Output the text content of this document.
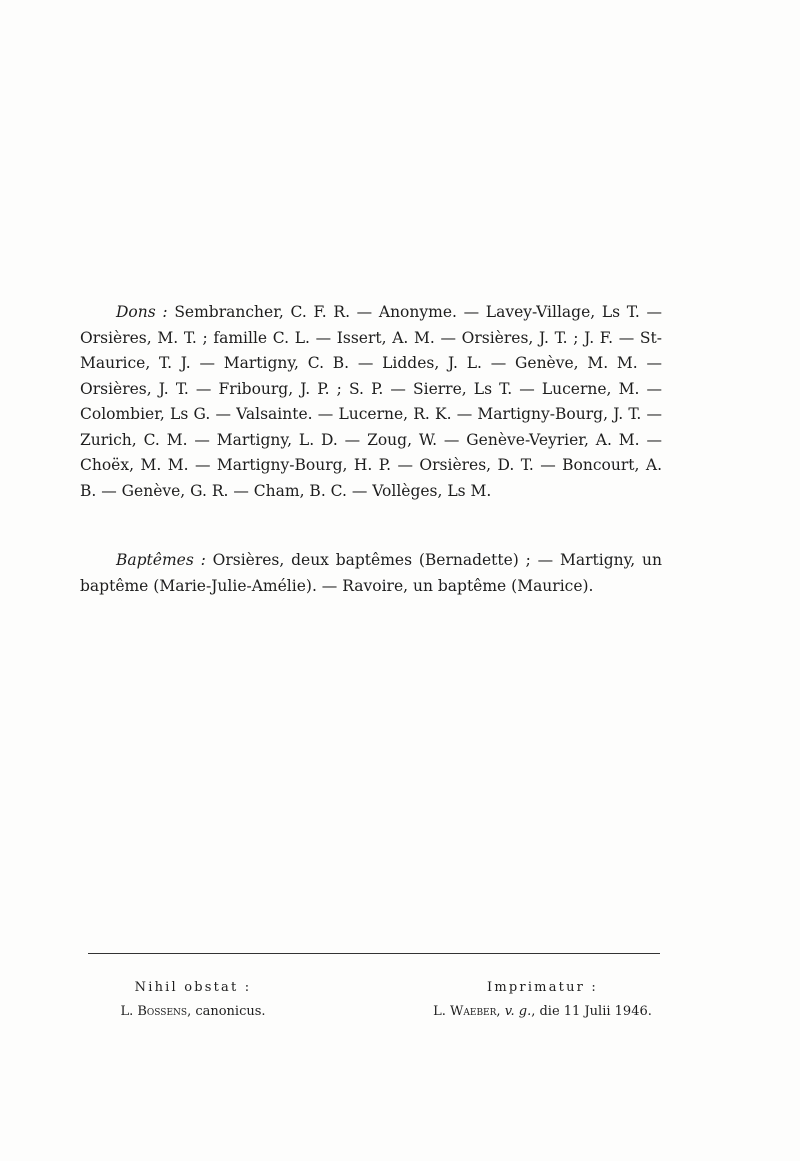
Dons : Sembrancher, C. F. R. — Anonyme. — Lavey-Village, Ls T. — Orsières, M. T. ; famille C. L. — Issert, A. M. — Orsières, J. T. ; J. F. — St-Maurice, T. J. — Martigny, C. B. — Liddes, J. L. — Genève, M. M. — Orsières, J. T. — Fribourg, J. P. ; S. P. — Sierre, Ls T. — Lucerne, M. — Colombier, Ls G. — Valsainte. — Lucerne, R. K. — Martigny-Bourg, J. T. — Zurich, C. M. — Martigny, L. D. — Zoug, W. — Genève-Veyrier, A. M. — Choëx, M. M. — Martigny-Bourg, H. P. — Orsières, D. T. — Boncourt, A. B. — Genève, G. R. — Cham, B. C. — Vollèges, Ls M.

Baptêmes : Orsières, deux baptêmes (Bernadette) ; — Martigny, un baptême (Marie-Julie-Amélie). — Ravoire, un baptême (Maurice).

Nihil obstat :
L. Bossens, canonicus.
Imprimatur :
L. Waeber, v. g., die 11 Julii 1946.
